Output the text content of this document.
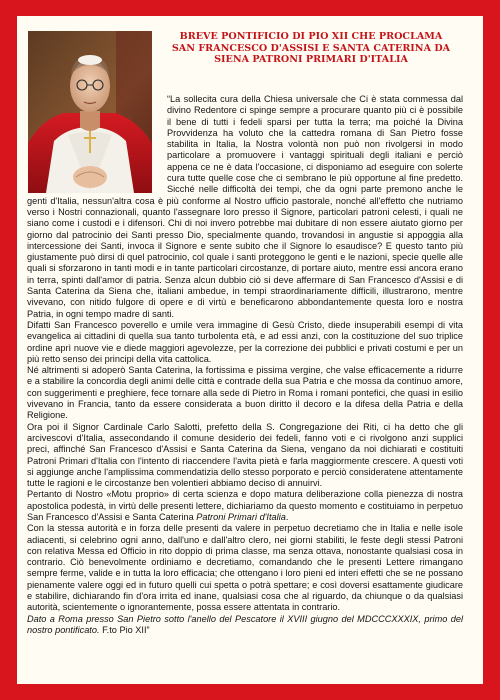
BREVE PONTIFICIO DI PIO XII CHE PROCLAMA
SAN FRANCESCO D'ASSISI E SANTA CATERINA DA
SIENA PATRONI PRIMARI D'ITALIA

“La sollecita cura della Chiesa universale che Ci è stata commessa dal divino Redentore ci spinge sempre a procurare quanto più ci è possibile il bene di tutti i fedeli sparsi per tutta la terra; ma poiché la Divina Provvidenza ha voluto che la cattedra romana di San Pietro fosse stabilita in Italia, la Nostra volontà non può non rivolgersi in modo particolare a promuovere i vantaggi spirituali degli italiani e perciò appena ce ne è data l'occasione, ci disponiamo ad eseguire con solerte cura tutte quelle cose che ci sembrano le più opportune al fine predetto. Sicché nelle difficoltà dei tempi, che da ogni parte premono anche le genti d'Italia, nessun'altra cosa è più conforme al Nostro ufficio pastorale, nonché all'effetto che nutriamo verso i Nostri connazionali, quanto l'assegnare loro presso il Signore, particolari patroni celesti, i quali ne siano come i custodi e i difensori. Chi di noi invero potrebbe mai dubitare di non essere aiutato giorno per giorno dal patrocinio dei Santi presso Dio, specialmente quando, trovandosi in angustie si appoggia alla intercessione dei Santi, invoca il Signore e sente subito che il Signore lo esaudisce? E questo tanto più giustamente può dirsi di quel patrocinio, col quale i santi proteggono le genti e le nazioni, specie quelle alle quali si sforzarono in tanti modi e in tante particolari circostanze, di portare aiuto, mentre essi ancora erano in terra, spinti dall'amor di patria. Senza alcun dubbio ciò si deve affermare di San Francesco d'Assisi e di Santa Caterina da Siena che, italiani ambedue, in tempi straordinariamente difficili, illustrarono, mentre vivevano, con nitido fulgore di opere e di virtù e beneficarono abbondantemente questa loro e nostra Patria, in ogni tempo madre di santi.

Difatti San Francesco poverello e umile vera immagine di Gesù Cristo, diede insuperabili esempi di vita evangelica ai cittadini di quella sua tanto turbolenta età, e ad essi anzi, con la costituzione del suo triplice ordine aprì nuove vie e diede maggiori agevolezze, per la correzione dei pubblici e privati costumi e per un più retto senso dei principi della vita cattolica.

Né altrimenti si adoperò Santa Caterina, la fortissima e pissima vergine, che valse efficacemente a ridurre e a stabilire la concordia degli animi delle città e contrade della sua Patria e che mossa da continuo amore, con suggerimenti e preghiere, fece tornare alla sede di Pietro in Roma i romani pontefici, che quasi in esilio vivevano in Francia, tanto da essere considerata a buon diritto il decoro e la difesa della Patria e della Religione.

Ora poi il Signor Cardinale Carlo Salotti, prefetto della S. Congregazione dei Riti, ci ha detto che gli arcivescovi d'Italia, assecondando il comune desiderio dei fedeli, fanno voti e ci rivolgono anzi supplici preci, affinché San Francesco d'Assisi e Santa Caterina da Siena, vengano da noi dichiarati e costituiti Patroni Primari d'Italia con l'intento di riaccendere l'avita pietà e farla maggiormente crescere. A questi voti si aggiunge anche l'amplissima commendatizia dello stesso porporato e perciò consideratene attentamente tutte le ragioni e le circostanze ben volentieri abbiamo deciso di annuirvi.

Pertanto di Nostro «Motu proprio» di certa scienza e dopo matura deliberazione colla pienezza di nostra apostolica podestà, in virtù delle presenti lettere, dichiariamo da questo momento e costituiamo in perpetuo San Francesco d'Assisi e Santa Caterina Patroni Primari d'Italia.

Con la stessa autorità e in forza delle presenti da valere in perpetuo decretiamo che in Italia e nelle isole adiacenti, si celebrino ogni anno, dall'uno e dall'altro clero, nei giorni stabiliti, le feste degli stessi Patroni con relativa Messa ed Officio in rito doppio di prima classe, ma senza ottava, nonostante qualsiasi cosa in contrario. Ciò benevolmente ordiniamo e decretiamo, comandando che le presenti Lettere rimangano sempre ferme, valide e in tutta la loro efficacia; che ottengano i loro pieni ed interi effetti che se ne possano pienamente valere oggi ed in futuro quelli cui spetta o potrà spettare; e così doversi esattamente giudicare e stabilire, dichiarando fin d'ora irrita ed inane, qualsiasi cosa che al riguardo, da chiunque o da qualsiasi autorità, scientemente o ignorantemente, possa essere attentata in contrario.

Dato a Roma presso San Pietro sotto l'anello del Pescatore il XVIII giugno del MDCCCXXXIX, primo del nostro pontificato. F.to Pio XII”
